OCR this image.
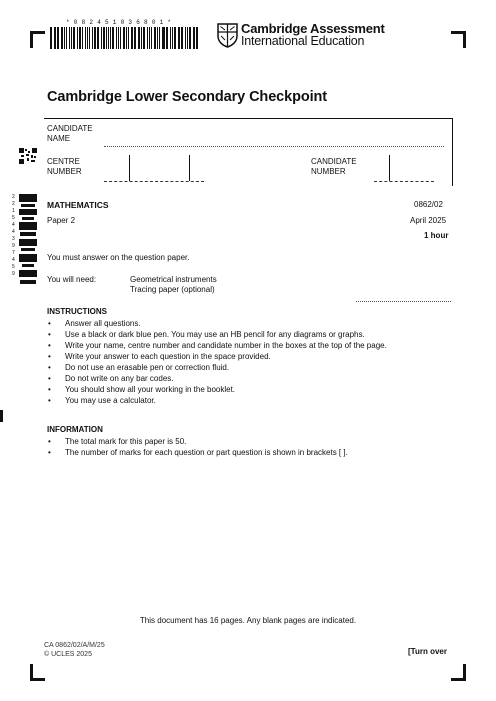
* 0 8 2 4 5 1 0 3 6 8 0 1 *	Cambridge Assessment
International Education
Cambridge Lower Secondary Checkpoint
CANDIDATE
NAME
CENTRE
NUMBER
CANDIDATE
NUMBER
2
2
1
5
4
4
3
9
7
4
5
9
MATHEMATICS	0862/02
Paper 2	April 2025
1 hour
You must answer on the question paper.
You will need:	Geometrical instruments
Tracing paper (optional)
INSTRUCTIONS
• Answer all questions.
• Use a black or dark blue pen. You may use an HB pencil for any diagrams or graphs.
• Write your name, centre number and candidate number in the boxes at the top of the page.
• Write your answer to each question in the space provided.
• Do not use an erasable pen or correction fluid.
• Do not write on any bar codes.
• You should show all your working in the booklet.
• You may use a calculator.
INFORMATION
• The total mark for this paper is 50.
• The number of marks for each question or part question is shown in brackets [ ].
This document has 16 pages. Any blank pages are indicated.
CA 0862/02/A/M/25
© UCLES 2025	[Turn over
